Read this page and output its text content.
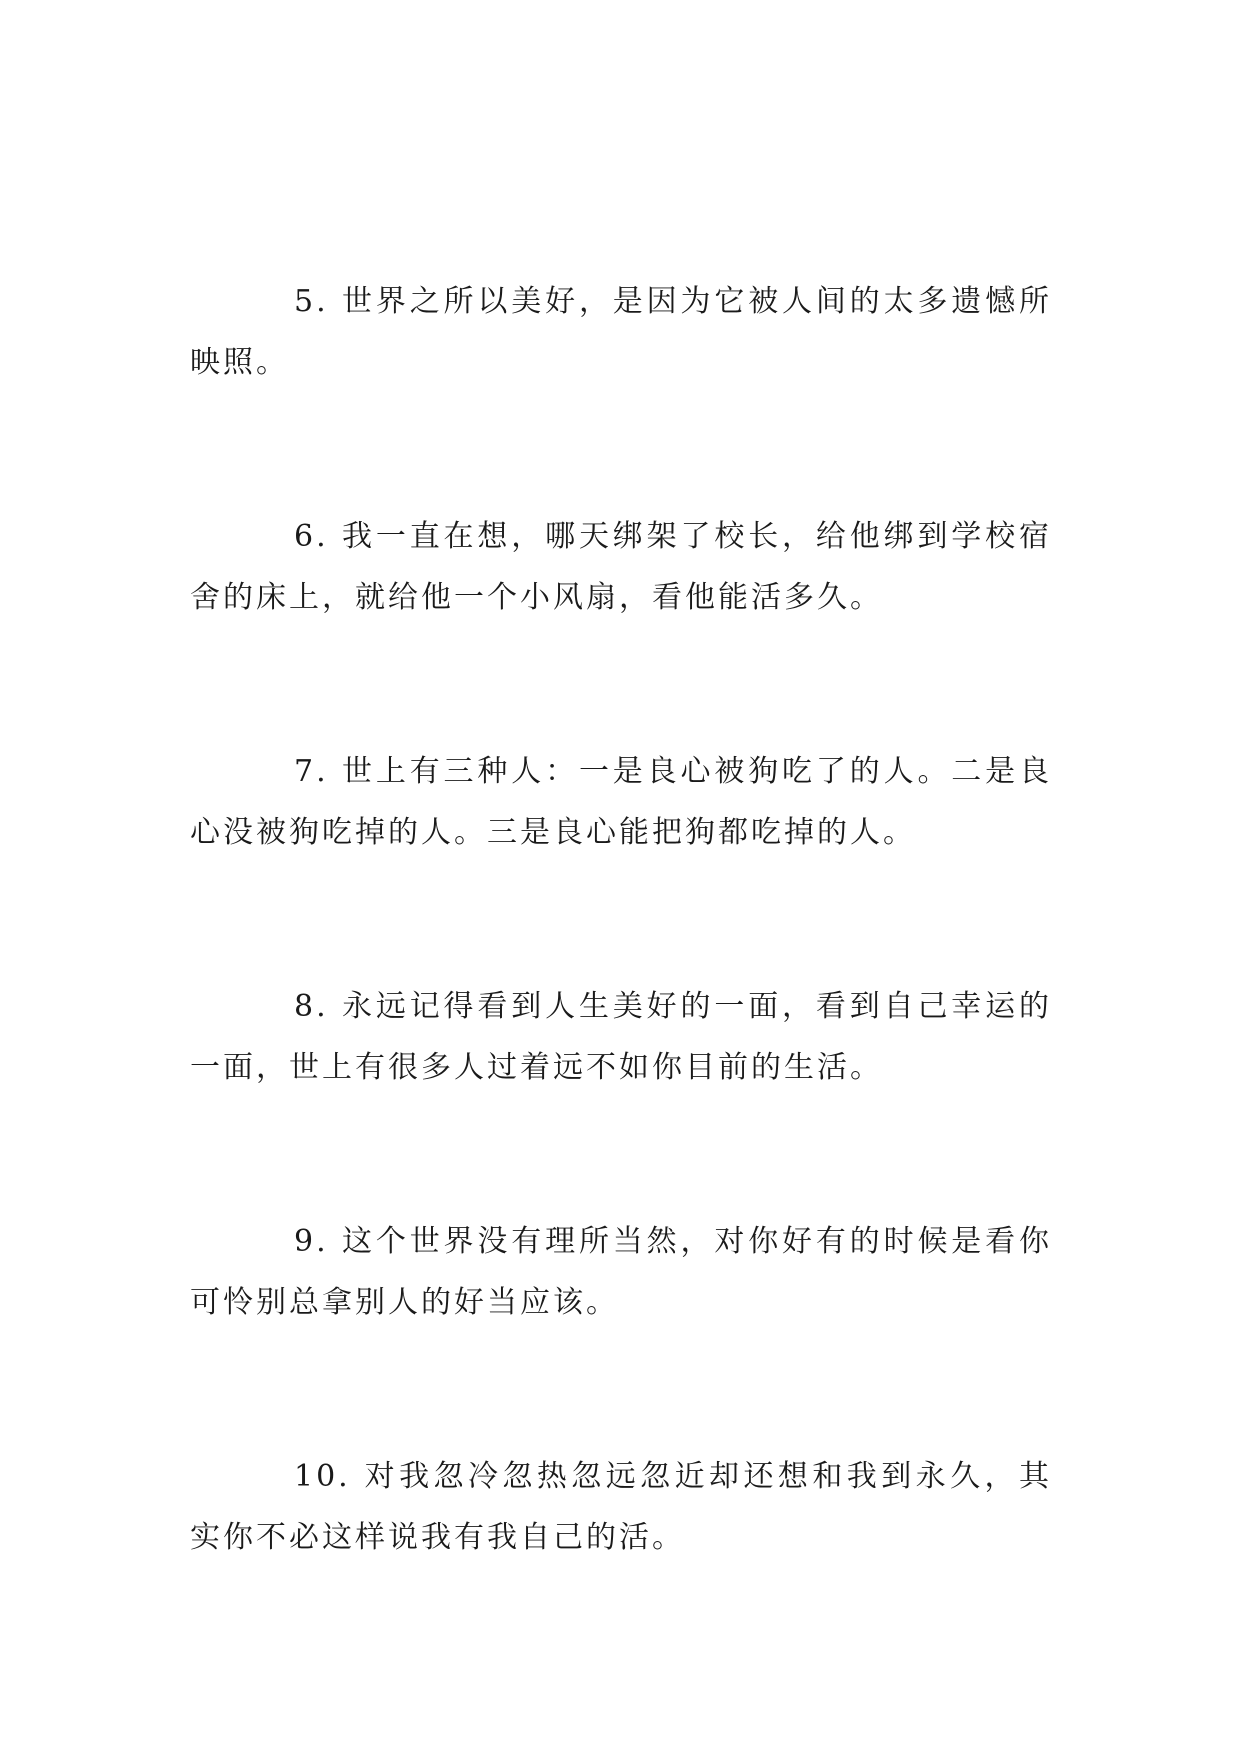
5. 世界之所以美好，是因为它被人间的太多遗憾所映照。

6. 我一直在想，哪天绑架了校长，给他绑到学校宿舍的床上，就给他一个小风扇，看他能活多久。

7. 世上有三种人：一是良心被狗吃了的人。二是良心没被狗吃掉的人。三是良心能把狗都吃掉的人。

8. 永远记得看到人生美好的一面，看到自己幸运的一面，世上有很多人过着远不如你目前的生活。

9. 这个世界没有理所当然，对你好有的时候是看你可怜别总拿别人的好当应该。

10. 对我忽冷忽热忽远忽近却还想和我到永久，其实你不必这样说我有我自己的活。
